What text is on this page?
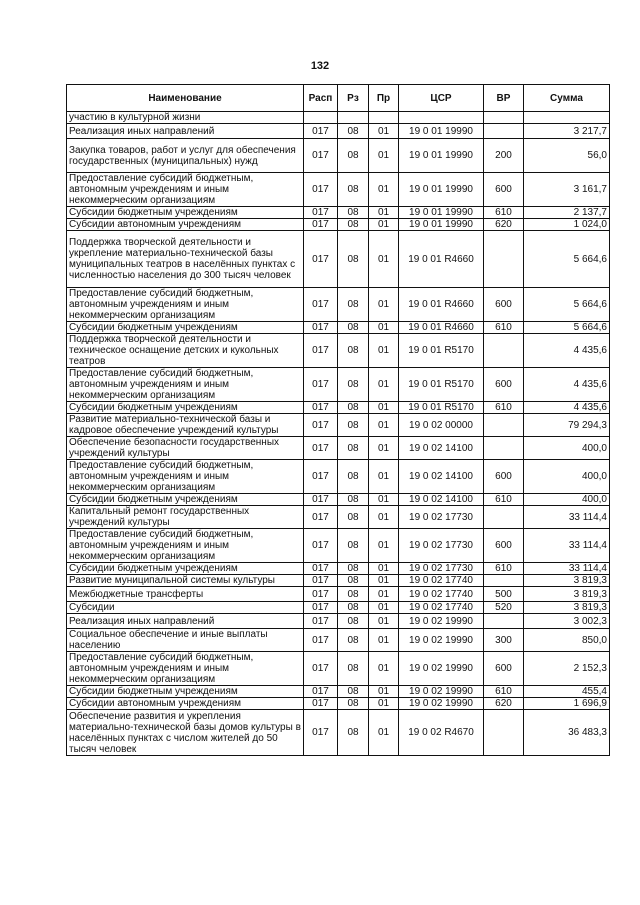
132
Наименование	Расп	Рз	Пр	ЦСР	ВР	Сумма
участию в культурной жизни						
Реализация иных направлений	017	08	01	19 0 01 19990		3 217,7
Закупка товаров, работ и услуг для обеспечения государственных (муниципальных) нужд	017	08	01	19 0 01 19990	200	56,0
Предоставление субсидий бюджетным, автономным учреждениям и иным некоммерческим организациям	017	08	01	19 0 01 19990	600	3 161,7
Субсидии бюджетным учреждениям	017	08	01	19 0 01 19990	610	2 137,7
Субсидии автономным учреждениям	017	08	01	19 0 01 19990	620	1 024,0
Поддержка творческой деятельности и укрепление материально-технической базы муниципальных театров в населённых пунктах с численностью населения до 300 тысяч человек	017	08	01	19 0 01 R4660		5 664,6
Предоставление субсидий бюджетным, автономным учреждениям и иным некоммерческим организациям	017	08	01	19 0 01 R4660	600	5 664,6
Субсидии бюджетным учреждениям	017	08	01	19 0 01 R4660	610	5 664,6
Поддержка творческой деятельности и техническое оснащение детских и кукольных театров	017	08	01	19 0 01 R5170		4 435,6
Предоставление субсидий бюджетным, автономным учреждениям и иным некоммерческим организациям	017	08	01	19 0 01 R5170	600	4 435,6
Субсидии бюджетным учреждениям	017	08	01	19 0 01 R5170	610	4 435,6
Развитие материально-технической базы и кадровое обеспечение учреждений культуры	017	08	01	19 0 02 00000		79 294,3
Обеспечение безопасности государственных учреждений культуры	017	08	01	19 0 02 14100		400,0
Предоставление субсидий бюджетным, автономным учреждениям и иным некоммерческим организациям	017	08	01	19 0 02 14100	600	400,0
Субсидии бюджетным учреждениям	017	08	01	19 0 02 14100	610	400,0
Капитальный ремонт государственных учреждений культуры	017	08	01	19 0 02 17730		33 114,4
Предоставление субсидий бюджетным, автономным учреждениям и иным некоммерческим организациям	017	08	01	19 0 02 17730	600	33 114,4
Субсидии бюджетным учреждениям	017	08	01	19 0 02 17730	610	33 114,4
Развитие муниципальной системы культуры	017	08	01	19 0 02 17740		3 819,3
Межбюджетные трансферты	017	08	01	19 0 02 17740	500	3 819,3
Субсидии	017	08	01	19 0 02 17740	520	3 819,3
Реализация иных направлений	017	08	01	19 0 02 19990		3 002,3
Социальное обеспечение и иные выплаты населению	017	08	01	19 0 02 19990	300	850,0
Предоставление субсидий бюджетным, автономным учреждениям и иным некоммерческим организациям	017	08	01	19 0 02 19990	600	2 152,3
Субсидии бюджетным учреждениям	017	08	01	19 0 02 19990	610	455,4
Субсидии автономным учреждениям	017	08	01	19 0 02 19990	620	1 696,9
Обеспечение развития и укрепления материально-технической базы домов культуры в населённых пунктах с числом жителей до 50 тысяч человек	017	08	01	19 0 02 R4670		36 483,3
